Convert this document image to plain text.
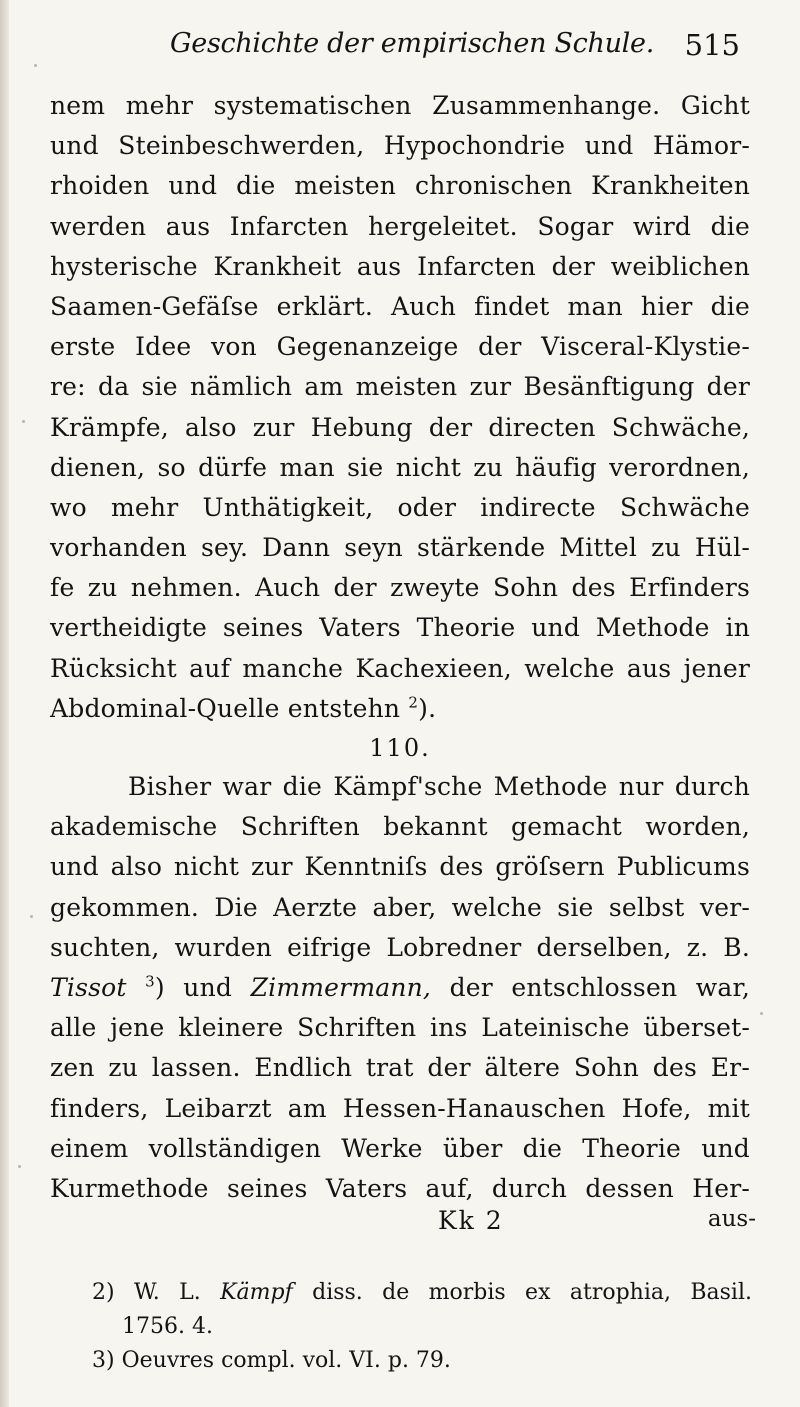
Geschichte der empirischen Schule. 515
nem mehr systematischen Zusammenhange. Gicht
und Steinbeschwerden, Hypochondrie und Hämor-
rhoiden und die meisten chronischen Krankheiten
werden aus Infarcten hergeleitet. Sogar wird die
hysterische Krankheit aus Infarcten der weiblichen
Saamen-Gefäſse erklärt. Auch findet man hier die
erste Idee von Gegenanzeige der Visceral-Klystie-
re: da sie nämlich am meisten zur Besänftigung der
Krämpfe, also zur Hebung der directen Schwäche,
dienen, so dürfe man sie nicht zu häufig verordnen,
wo mehr Unthätigkeit, oder indirecte Schwäche
vorhanden sey. Dann seyn stärkende Mittel zu Hül-
fe zu nehmen. Auch der zweyte Sohn des Erfinders
vertheidigte seines Vaters Theorie und Methode in
Rücksicht auf manche Kachexieen, welche aus jener
Abdominal-Quelle entstehn $^2$).
110.
Bisher war die Kämpf'sche Methode nur durch
akademische Schriften bekannt gemacht worden,
und also nicht zur Kenntniſs des gröſsern Publicums
gekommen. Die Aerzte aber, welche sie selbst ver-
suchten, wurden eifrige Lobredner derselben, z. B.
Tissot $^3$) und Zimmermann, der entschlossen war,
alle jene kleinere Schriften ins Lateinische überset-
zen zu lassen. Endlich trat der ältere Sohn des Er-
finders, Leibarzt am Hessen-Hanauschen Hofe, mit
einem vollständigen Werke über die Theorie und
Kurmethode seines Vaters auf, durch dessen Her-
Kk 2	aus-
2) W. L. Kämpf diss. de morbis ex atrophia, Basil.
1756. 4.
3) Oeuvres compl. vol. VI. p. 79.
